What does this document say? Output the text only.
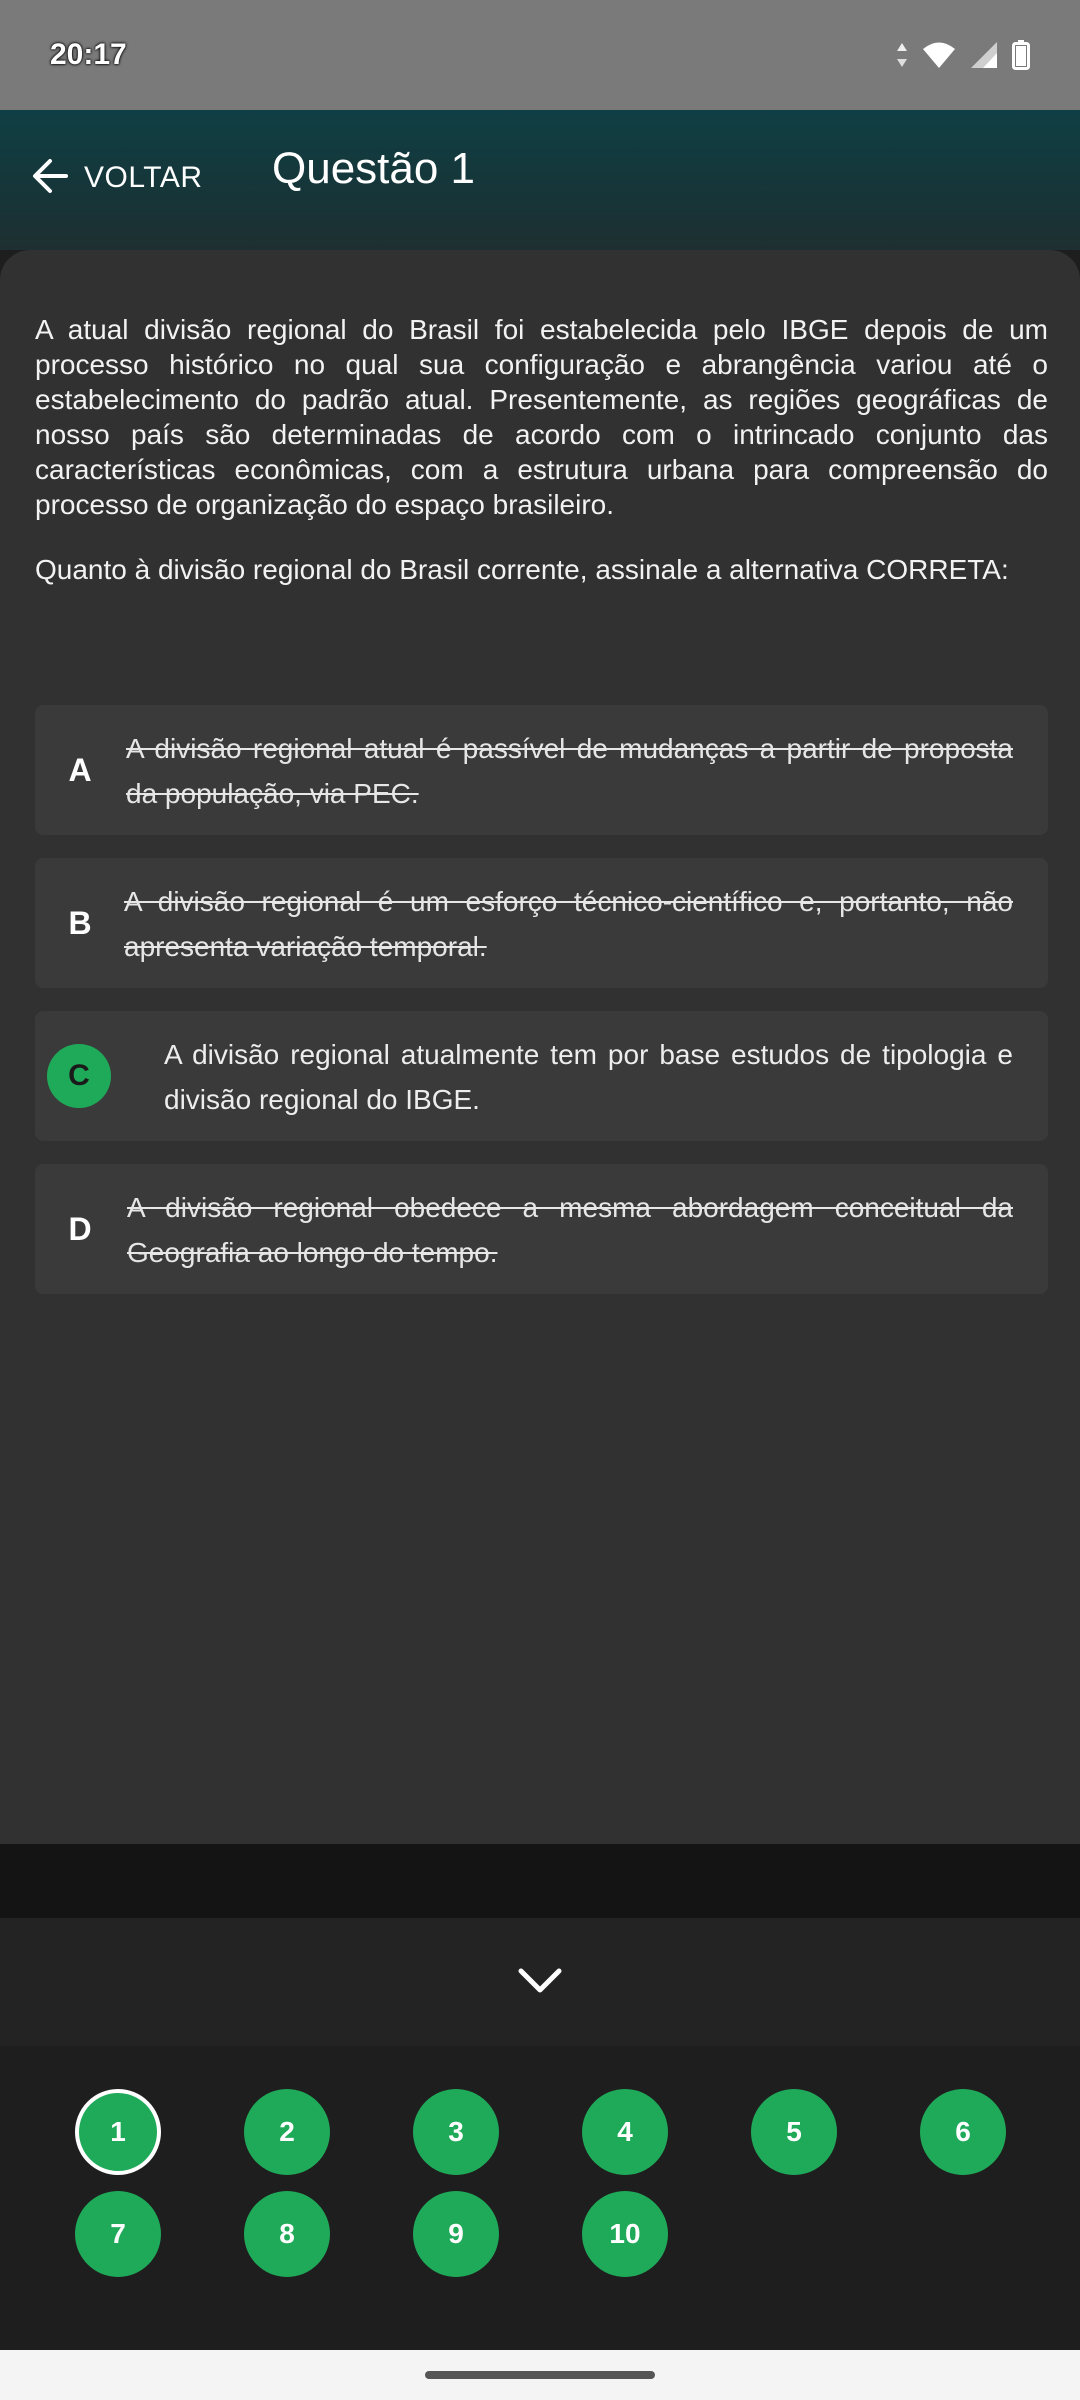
20:17
VOLTAR Questão 1

A atual divisão regional do Brasil foi estabelecida pelo IBGE depois de um processo histórico no qual sua configuração e abrangência variou até o estabelecimento do padrão atual. Presentemente, as regiões geográficas de nosso país são determinadas de acordo com o intrincado conjunto das características econômicas, com a estrutura urbana para compreensão do processo de organização do espaço brasileiro.

Quanto à divisão regional do Brasil corrente, assinale a alternativa CORRETA:

A
A divisão regional atual é passível de mudanças a partir de proposta da população, via PEC.
B
A divisão regional é um esforço técnico-científico e, portanto, não apresenta variação temporal.
C
A divisão regional atualmente tem por base estudos de tipologia e divisão regional do IBGE.
D
A divisão regional obedece a mesma abordagem conceitual da Geografia ao longo do tempo.
1	2	3	4	5	6
7	8	9	10
